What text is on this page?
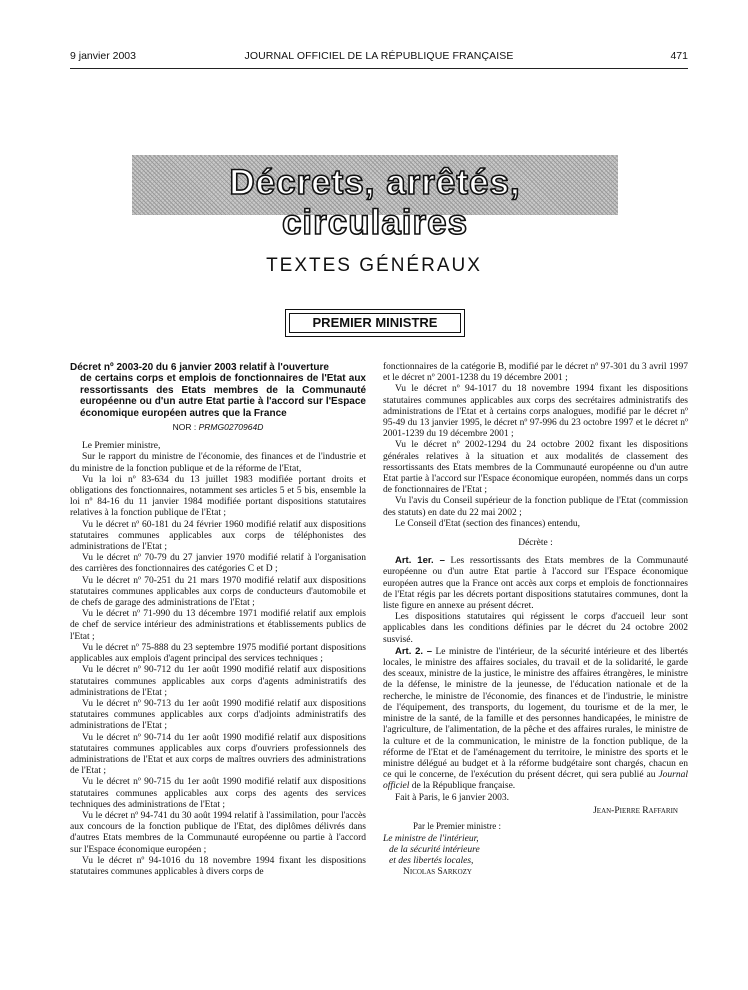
9 janvier 2003	JOURNAL OFFICIEL DE LA RÉPUBLIQUE FRANÇAISE	471
Décrets, arrêtés, circulaires
TEXTES GÉNÉRAUX
PREMIER MINISTRE
Décret nº 2003-20 du 6 janvier 2003 relatif à l'ouverture
de certains corps et emplois de fonctionnaires de l'Etat aux ressortissants des Etats membres de la Communauté européenne ou d'un autre Etat partie à l'accord sur l'Espace économique européen autres que la France
NOR : PRMG0270964D

Le Premier ministre,

Sur le rapport du ministre de l'économie, des finances et de l'industrie et du ministre de la fonction publique et de la réforme de l'Etat,

Vu la loi nº 83-634 du 13 juillet 1983 modifiée portant droits et obligations des fonctionnaires, notamment ses articles 5 et 5 bis, ensemble la loi nº 84-16 du 11 janvier 1984 modifiée portant dispositions statutaires relatives à la fonction publique de l'Etat ;

Vu le décret nº 60-181 du 24 février 1960 modifié relatif aux dispositions statutaires communes applicables aux corps de téléphonistes des administrations de l'Etat ;

Vu le décret nº 70-79 du 27 janvier 1970 modifié relatif à l'organisation des carrières des fonctionnaires des catégories C et D ;

Vu le décret nº 70-251 du 21 mars 1970 modifié relatif aux dispositions statutaires communes applicables aux corps de conducteurs d'automobile et de chefs de garage des administrations de l'Etat ;

Vu le décret nº 71-990 du 13 décembre 1971 modifié relatif aux emplois de chef de service intérieur des administrations et établissements publics de l'Etat ;

Vu le décret nº 75-888 du 23 septembre 1975 modifié portant dispositions applicables aux emplois d'agent principal des services techniques ;

Vu le décret nº 90-712 du 1er août 1990 modifié relatif aux dispositions statutaires communes applicables aux corps d'agents administratifs des administrations de l'Etat ;

Vu le décret nº 90-713 du 1er août 1990 modifié relatif aux dispositions statutaires communes applicables aux corps d'adjoints administratifs des administrations de l'Etat ;

Vu le décret nº 90-714 du 1er août 1990 modifié relatif aux dispositions statutaires communes applicables aux corps d'ouvriers professionnels des administrations de l'Etat et aux corps de maîtres ouvriers des administrations de l'Etat ;

Vu le décret nº 90-715 du 1er août 1990 modifié relatif aux dispositions statutaires communes applicables aux corps des agents des services techniques des administrations de l'Etat ;

Vu le décret nº 94-741 du 30 août 1994 relatif à l'assimilation, pour l'accès aux concours de la fonction publique de l'Etat, des diplômes délivrés dans d'autres Etats membres de la Communauté européenne ou partie à l'accord sur l'Espace économique européen ;

Vu le décret nº 94-1016 du 18 novembre 1994 fixant les dispositions statutaires communes applicables à divers corps de

fonctionnaires de la catégorie B, modifié par le décret nº 97-301 du 3 avril 1997 et le décret nº 2001-1238 du 19 décembre 2001 ;

Vu le décret nº 94-1017 du 18 novembre 1994 fixant les dispositions statutaires communes applicables aux corps des secrétaires administratifs des administrations de l'Etat et à certains corps analogues, modifié par le décret nº 95-49 du 13 janvier 1995, le décret nº 97-996 du 23 octobre 1997 et le décret nº 2001-1239 du 19 décembre 2001 ;

Vu le décret nº 2002-1294 du 24 octobre 2002 fixant les dispositions générales relatives à la situation et aux modalités de classement des ressortissants des Etats membres de la Communauté européenne ou d'un autre Etat partie à l'accord sur l'Espace économique européen, nommés dans un corps de fonctionnaires de l'Etat ;

Vu l'avis du Conseil supérieur de la fonction publique de l'Etat (commission des statuts) en date du 22 mai 2002 ;

Le Conseil d'Etat (section des finances) entendu,

Décrète :

Art. 1er. – Les ressortissants des Etats membres de la Communauté européenne ou d'un autre Etat partie à l'accord sur l'Espace économique européen autres que la France ont accès aux corps et emplois de fonctionnaires de l'Etat régis par les décrets portant dispositions statutaires communes, dont la liste figure en annexe au présent décret.

Les dispositions statutaires qui régissent le corps d'accueil leur sont applicables dans les conditions définies par le décret du 24 octobre 2002 susvisé.

Art. 2. – Le ministre de l'intérieur, de la sécurité intérieure et des libertés locales, le ministre des affaires sociales, du travail et de la solidarité, le garde des sceaux, ministre de la justice, le ministre des affaires étrangères, le ministre de la défense, le ministre de la jeunesse, de l'éducation nationale et de la recherche, le ministre de l'économie, des finances et de l'industrie, le ministre de l'équipement, des transports, du logement, du tourisme et de la mer, le ministre de la santé, de la famille et des personnes handicapées, le ministre de l'agriculture, de l'alimentation, de la pêche et des affaires rurales, le ministre de la culture et de la communication, le ministre de la fonction publique, de la réforme de l'Etat et de l'aménagement du territoire, le ministre des sports et le ministre délégué au budget et à la réforme budgétaire sont chargés, chacun en ce qui le concerne, de l'exécution du présent décret, qui sera publié au Journal officiel de la République française.

Fait à Paris, le 6 janvier 2003.

Jean-Pierre Raffarin
Par le Premier ministre :
Le ministre de l'intérieur,
de la sécurité intérieure
et des libertés locales,
Nicolas Sarkozy
